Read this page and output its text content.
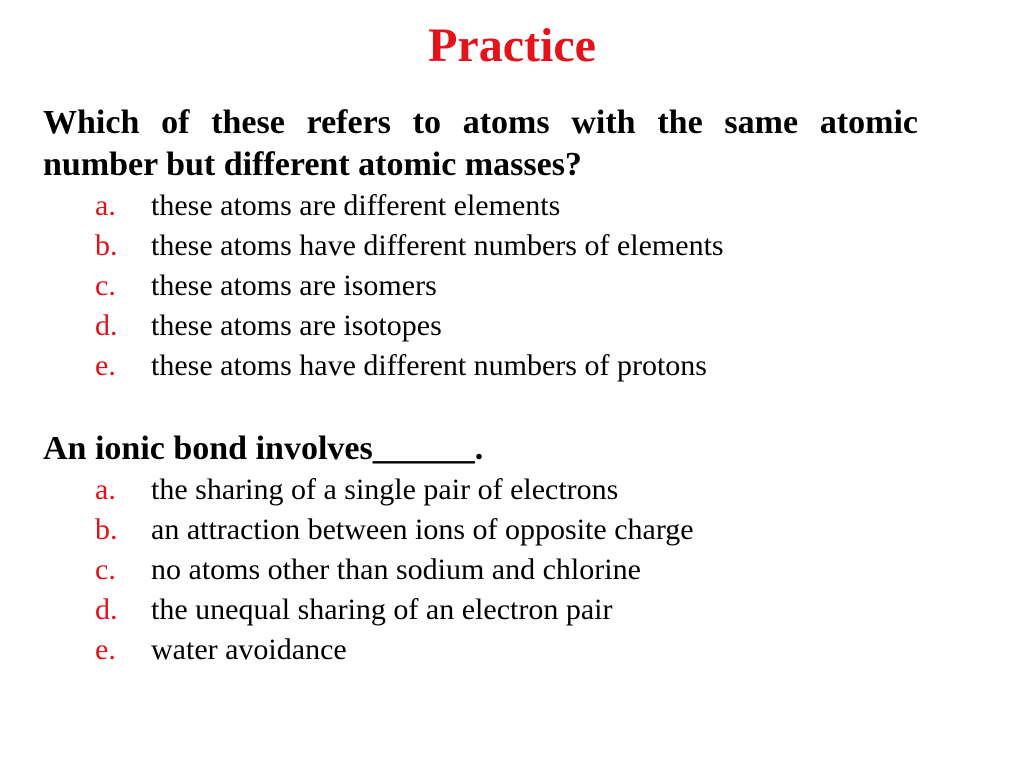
Practice
Which of these refers to atoms with the same atomic number but different atomic masses?
a. these atoms are different elements
b. these atoms have different numbers of elements
c. these atoms are isomers
d. these atoms are isotopes
e. these atoms have different numbers of protons
An ionic bond involves______.
a. the sharing of a single pair of electrons
b. an attraction between ions of opposite charge
c. no atoms other than sodium and chlorine
d. the unequal sharing of an electron pair
e. water avoidance
